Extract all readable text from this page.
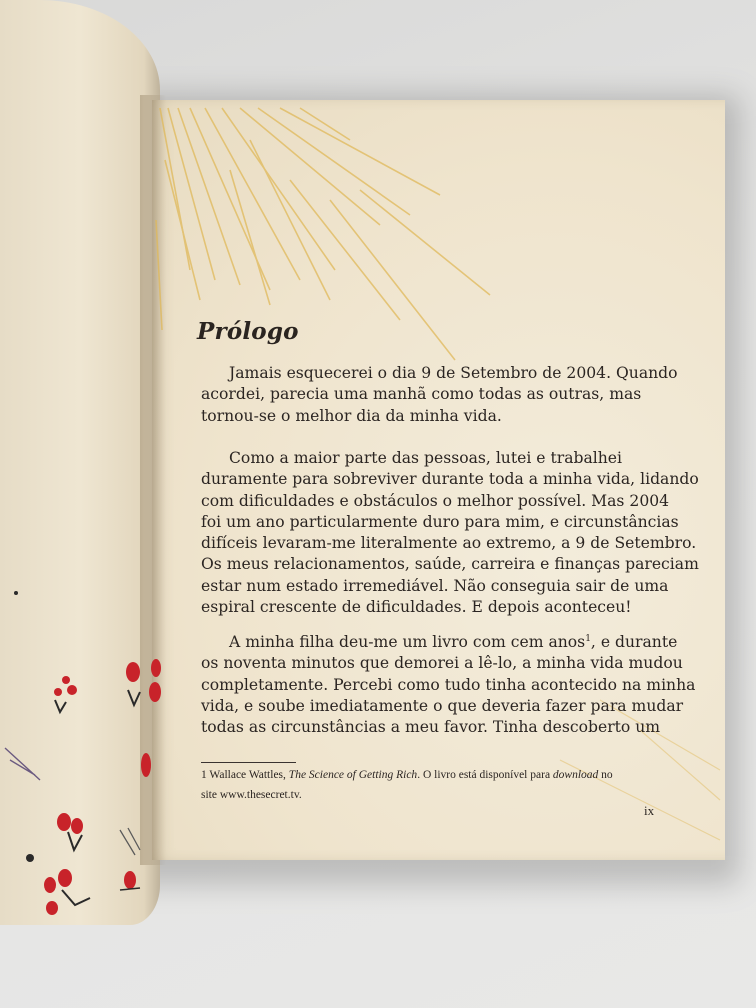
Prólogo

Jamais esquecerei o dia 9 de Setembro de 2004. Quando
acordei, parecia uma manhã como todas as outras, mas
tornou-se o melhor dia da minha vida.

Como a maior parte das pessoas, lutei e trabalhei
duramente para sobreviver durante toda a minha vida, lidando
com dificuldades e obstáculos o melhor possível. Mas 2004
foi um ano particularmente duro para mim, e circunstâncias
difíceis levaram-me literalmente ao extremo, a 9 de Setembro.
Os meus relacionamentos, saúde, carreira e finanças pareciam
estar num estado irremediável. Não conseguia sair de uma
espiral crescente de dificuldades. E depois aconteceu!

A minha filha deu-me um livro com cem anos$^1$, e durante
os noventa minutos que demorei a lê-lo, a minha vida mudou
completamente. Percebi como tudo tinha acontecido na minha
vida, e soube imediatamente o que deveria fazer para mudar
todas as circunstâncias a meu favor. Tinha descoberto um

1 Wallace Wattles, The Science of Getting Rich. O livro está disponível para download no
site www.thesecret.tv.

ix
